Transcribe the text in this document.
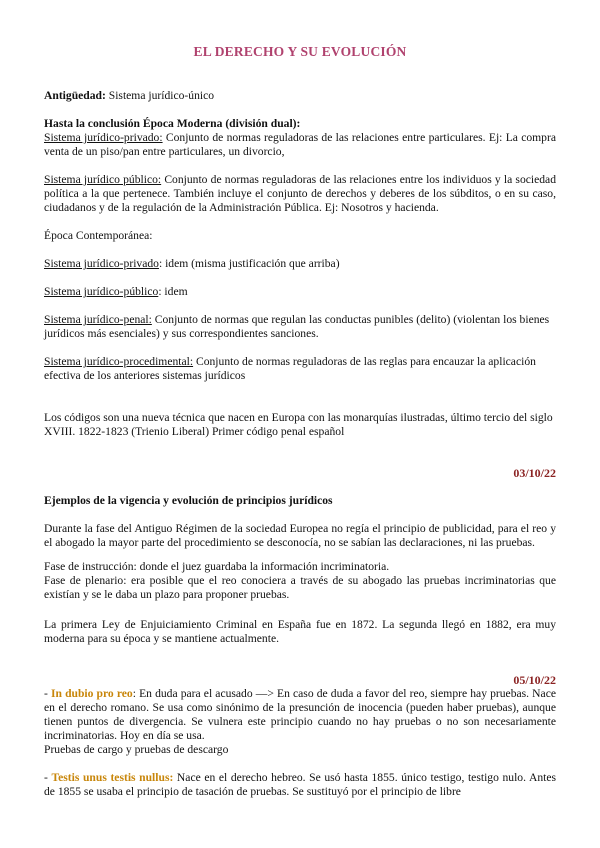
EL DERECHO Y SU EVOLUCIÓN
Antigüedad: Sistema jurídico-único
Hasta la conclusión Época Moderna (división dual):
Sistema jurídico-privado: Conjunto de normas reguladoras de las relaciones entre particulares. Ej: La compra venta de un piso/pan entre particulares, un divorcio,
Sistema jurídico público: Conjunto de normas reguladoras de las relaciones entre los individuos y la sociedad política a la que pertenece. También incluye el conjunto de derechos y deberes de los súbditos, o en su caso, ciudadanos y de la regulación de la Administración Pública. Ej: Nosotros y hacienda.
Época Contemporánea:
Sistema jurídico-privado: idem (misma justificación que arriba)
Sistema jurídico-público: idem
Sistema jurídico-penal: Conjunto de normas que regulan las conductas punibles (delito) (violentan los bienes jurídicos más esenciales) y sus correspondientes sanciones.
Sistema jurídico-procedimental: Conjunto de normas reguladoras de las reglas para encauzar la aplicación efectiva de los anteriores sistemas jurídicos
Los códigos son una nueva técnica que nacen en Europa con las monarquías ilustradas, último tercio del siglo XVIII. 1822-1823 (Trienio Liberal) Primer código penal español
03/10/22
Ejemplos de la vigencia y evolución de principios jurídicos
Durante la fase del Antiguo Régimen de la sociedad Europea no regía el principio de publicidad, para el reo y el abogado la mayor parte del procedimiento se desconocía, no se sabían las declaraciones, ni las pruebas.
Fase de instrucción: donde el juez guardaba la información incriminatoria.
Fase de plenario: era posible que el reo conociera a través de su abogado las pruebas incriminatorias que existían y se le daba un plazo para proponer pruebas.
La primera Ley de Enjuiciamiento Criminal en España fue en 1872. La segunda llegó en 1882, era muy moderna para su época y se mantiene actualmente.
05/10/22
- In dubio pro reo: En duda para el acusado —> En caso de duda a favor del reo, siempre hay pruebas. Nace en el derecho romano. Se usa como sinónimo de la presunción de inocencia (pueden haber pruebas), aunque tienen puntos de divergencia. Se vulnera este principio cuando no hay pruebas o no son necesariamente incriminatorias. Hoy en día se usa.
Pruebas de cargo y pruebas de descargo
- Testis unus testis nullus: Nace en el derecho hebreo. Se usó hasta 1855. único testigo, testigo nulo. Antes de 1855 se usaba el principio de tasación de pruebas. Se sustituyó por el principio de libre
